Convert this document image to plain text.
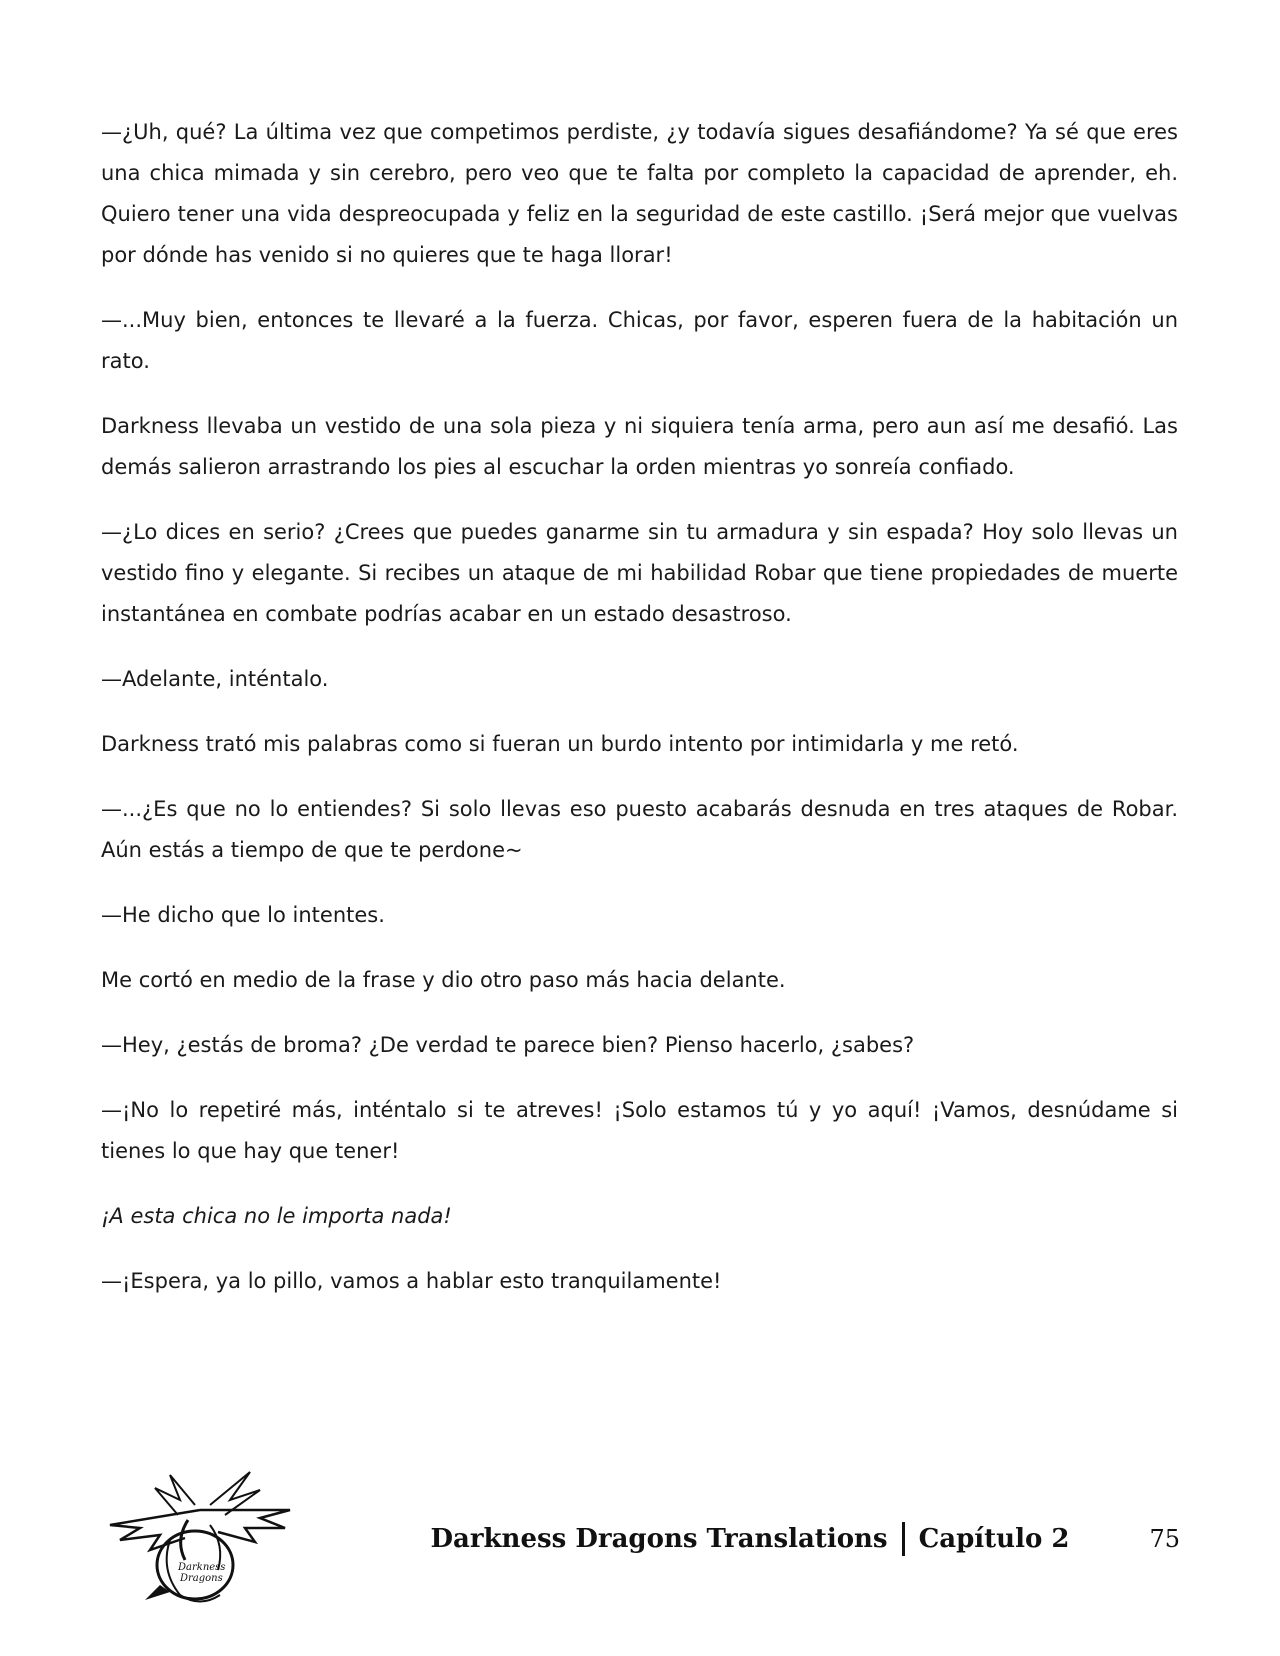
—¿Uh, qué? La última vez que competimos perdiste, ¿y todavía sigues desafiándome? Ya sé que eres una chica mimada y sin cerebro, pero veo que te falta por completo la capacidad de aprender, eh. Quiero tener una vida despreocupada y feliz en la seguridad de este castillo. ¡Será mejor que vuelvas por dónde has venido si no quieres que te haga llorar!

—...Muy bien, entonces te llevaré a la fuerza. Chicas, por favor, esperen fuera de la habitación un rato.

Darkness llevaba un vestido de una sola pieza y ni siquiera tenía arma, pero aun así me desafió. Las demás salieron arrastrando los pies al escuchar la orden mientras yo sonreía confiado.

—¿Lo dices en serio? ¿Crees que puedes ganarme sin tu armadura y sin espada? Hoy solo llevas un vestido fino y elegante. Si recibes un ataque de mi habilidad Robar que tiene propiedades de muerte instantánea en combate podrías acabar en un estado desastroso.

—Adelante, inténtalo.

Darkness trató mis palabras como si fueran un burdo intento por intimidarla y me retó.

—...¿Es que no lo entiendes? Si solo llevas eso puesto acabarás desnuda en tres ataques de Robar. Aún estás a tiempo de que te perdone~

—He dicho que lo intentes.

Me cortó en medio de la frase y dio otro paso más hacia delante.

—Hey, ¿estás de broma? ¿De verdad te parece bien? Pienso hacerlo, ¿sabes?

—¡No lo repetiré más, inténtalo si te atreves! ¡Solo estamos tú y yo aquí! ¡Vamos, desnúdame si tienes lo que hay que tener!

¡A esta chica no le importa nada!

—¡Espera, ya lo pillo, vamos a hablar esto tranquilamente!

Darkness
Dragons
Darkness Dragons Translations Capítulo 2	75
